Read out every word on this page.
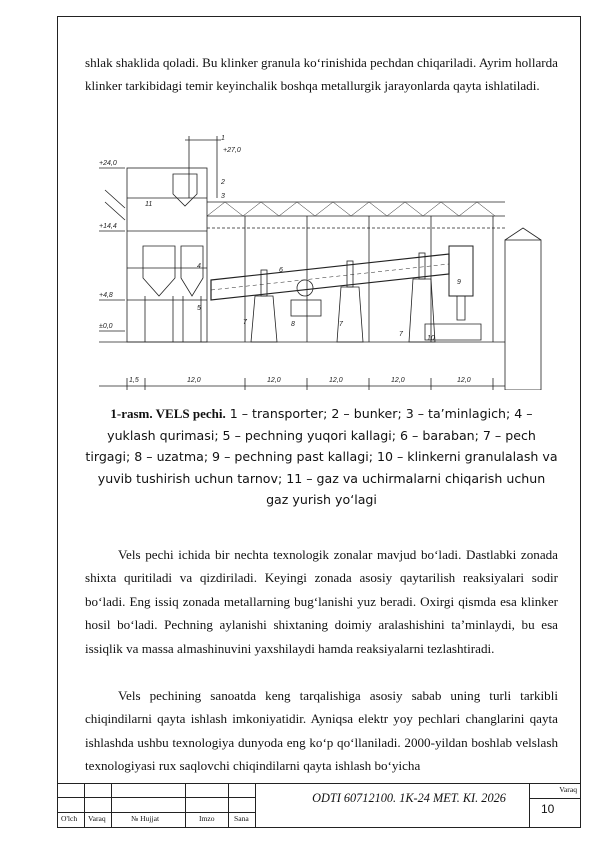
shlak shaklida qoladi. Bu klinker granula koʻrinishida pechdan chiqariladi. Ayrim hollarda klinker tarkibidagi temir keyinchalik boshqa metallurgik jarayonlarda qayta ishlatiladi.

+24,0
+14,4
+4,8
±0,0
+27,0
1,5	12,0	12,0	12,0	12,0	12,0
1
2
3
4
5
6
7	7
7
8
9
10
11
1-rasm. VELS pechi. 1 – transporter; 2 – bunker; 3 – ta’minlagich; 4 – yuklash qurimasi; 5 – pechning yuqori kallagi; 6 – baraban; 7 – pech tirgagi; 8 – uzatma; 9 – pechning past kallagi; 10 – klinkerni granulalash va yuvib tushirish uchun tarnov; 11 – gaz va uchirmalarni chiqarish uchun gaz yurish yo‘lagi

Vels pechi ichida bir nechta texnologik zonalar mavjud boʻladi. Dastlabki zonada shixta quritiladi va qizdiriladi. Keyingi zonada asosiy qaytarilish reaksiyalari sodir boʻladi. Eng issiq zonada metallarning bugʻlanishi yuz beradi. Oxirgi qismda esa klinker hosil boʻladi. Pechning aylanishi shixtaning doimiy aralashishini taʼminlaydi, bu esa issiqlik va massa almashinuvini yaxshilaydi hamda reaksiyalarni tezlashtiradi.

Vels pechining sanoatda keng tarqalishiga asosiy sabab uning turli tarkibli chiqindilarni qayta ishlash imkoniyatidir. Ayniqsa elektr yoy pechlari changlarini qayta ishlashda ushbu texnologiya dunyoda eng koʻp qoʻllaniladi. 2000-yildan boshlab velslash texnologiyasi rux saqlovchi chiqindilarni qayta ishlash boʻyicha

O'lch Varaq	№ Hujjat	Imzo	Sana
ODTI 60712100. 1K-24 MET. KI. 2026
Varaq
10
